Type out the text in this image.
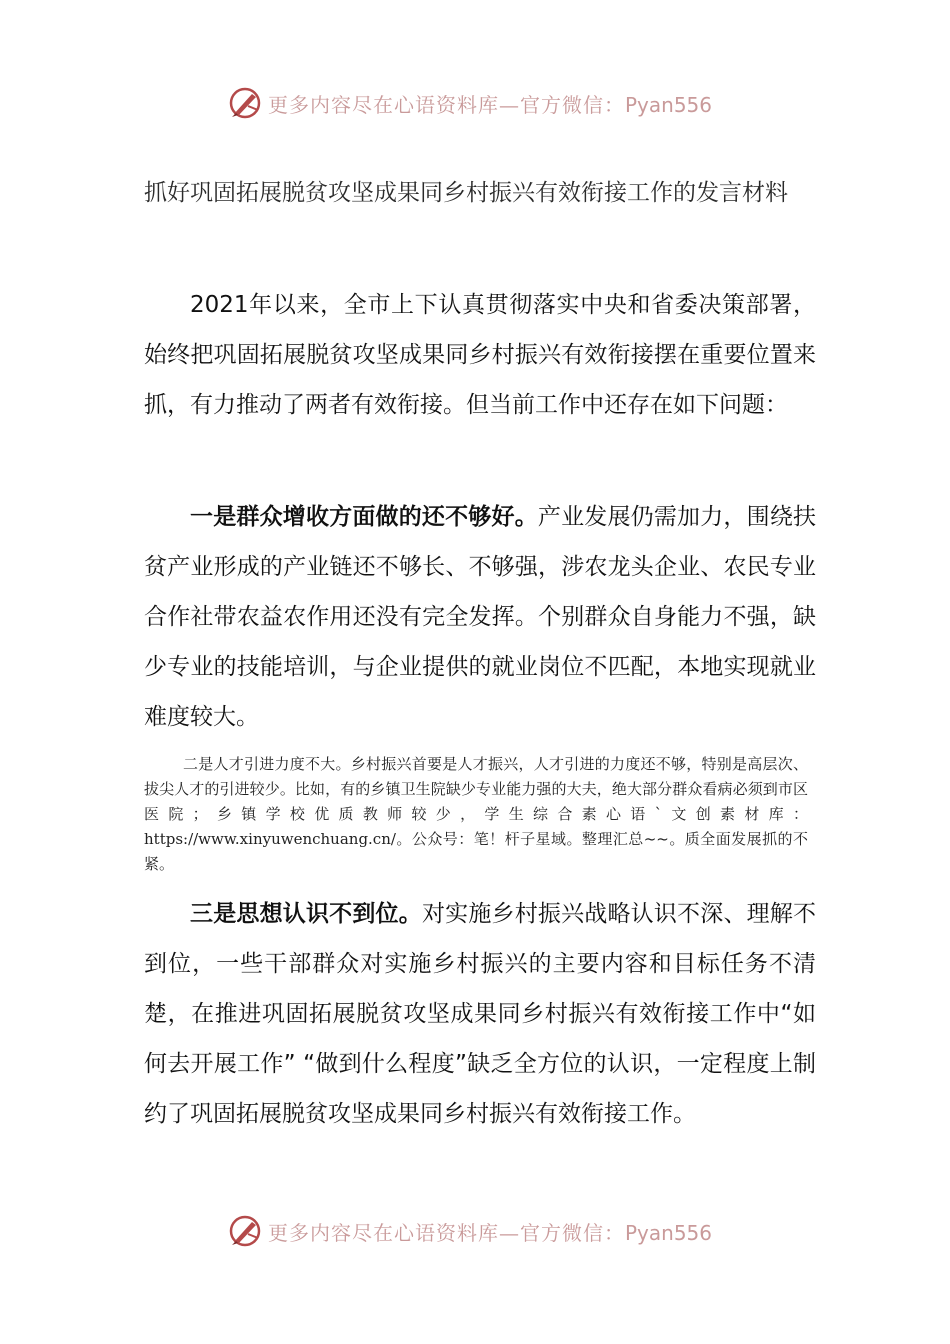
更多内容尽在心语资料库—官方微信：Pyan556
抓好巩固拓展脱贫攻坚成果同乡村振兴有效衔接工作的发言材料
2021年以来，全市上下认真贯彻落实中央和省委决策部署，始终把巩固拓展脱贫攻坚成果同乡村振兴有效衔接摆在重要位置来抓，有力推动了两者有效衔接。但当前工作中还存在如下问题：
一是群众增收方面做的还不够好。产业发展仍需加力，围绕扶贫产业形成的产业链还不够长、不够强，涉农龙头企业、农民专业合作社带农益农作用还没有完全发挥。个别群众自身能力不强，缺少专业的技能培训，与企业提供的就业岗位不匹配，本地实现就业难度较大。
二是人才引进力度不大。乡村振兴首要是人才振兴，人才引进的力度还不够，特别是高层次、拔尖人才的引进较少。比如，有的乡镇卫生院缺少专业能力强的大夫，绝大部分群众看病必须到市区医院；乡镇学校优质教师较少，学生综合素心语`文创素材库：https://www.xinyuwenchuang.cn/。公众号：笔！杆子星域。整理汇总~~。质全面发展抓的不紧。
三是思想认识不到位。对实施乡村振兴战略认识不深、理解不到位，一些干部群众对实施乡村振兴的主要内容和目标任务不清楚，在推进巩固拓展脱贫攻坚成果同乡村振兴有效衔接工作中“如何去开展工作” “做到什么程度”缺乏全方位的认识，一定程度上制约了巩固拓展脱贫攻坚成果同乡村振兴有效衔接工作。
更多内容尽在心语资料库—官方微信：Pyan556
